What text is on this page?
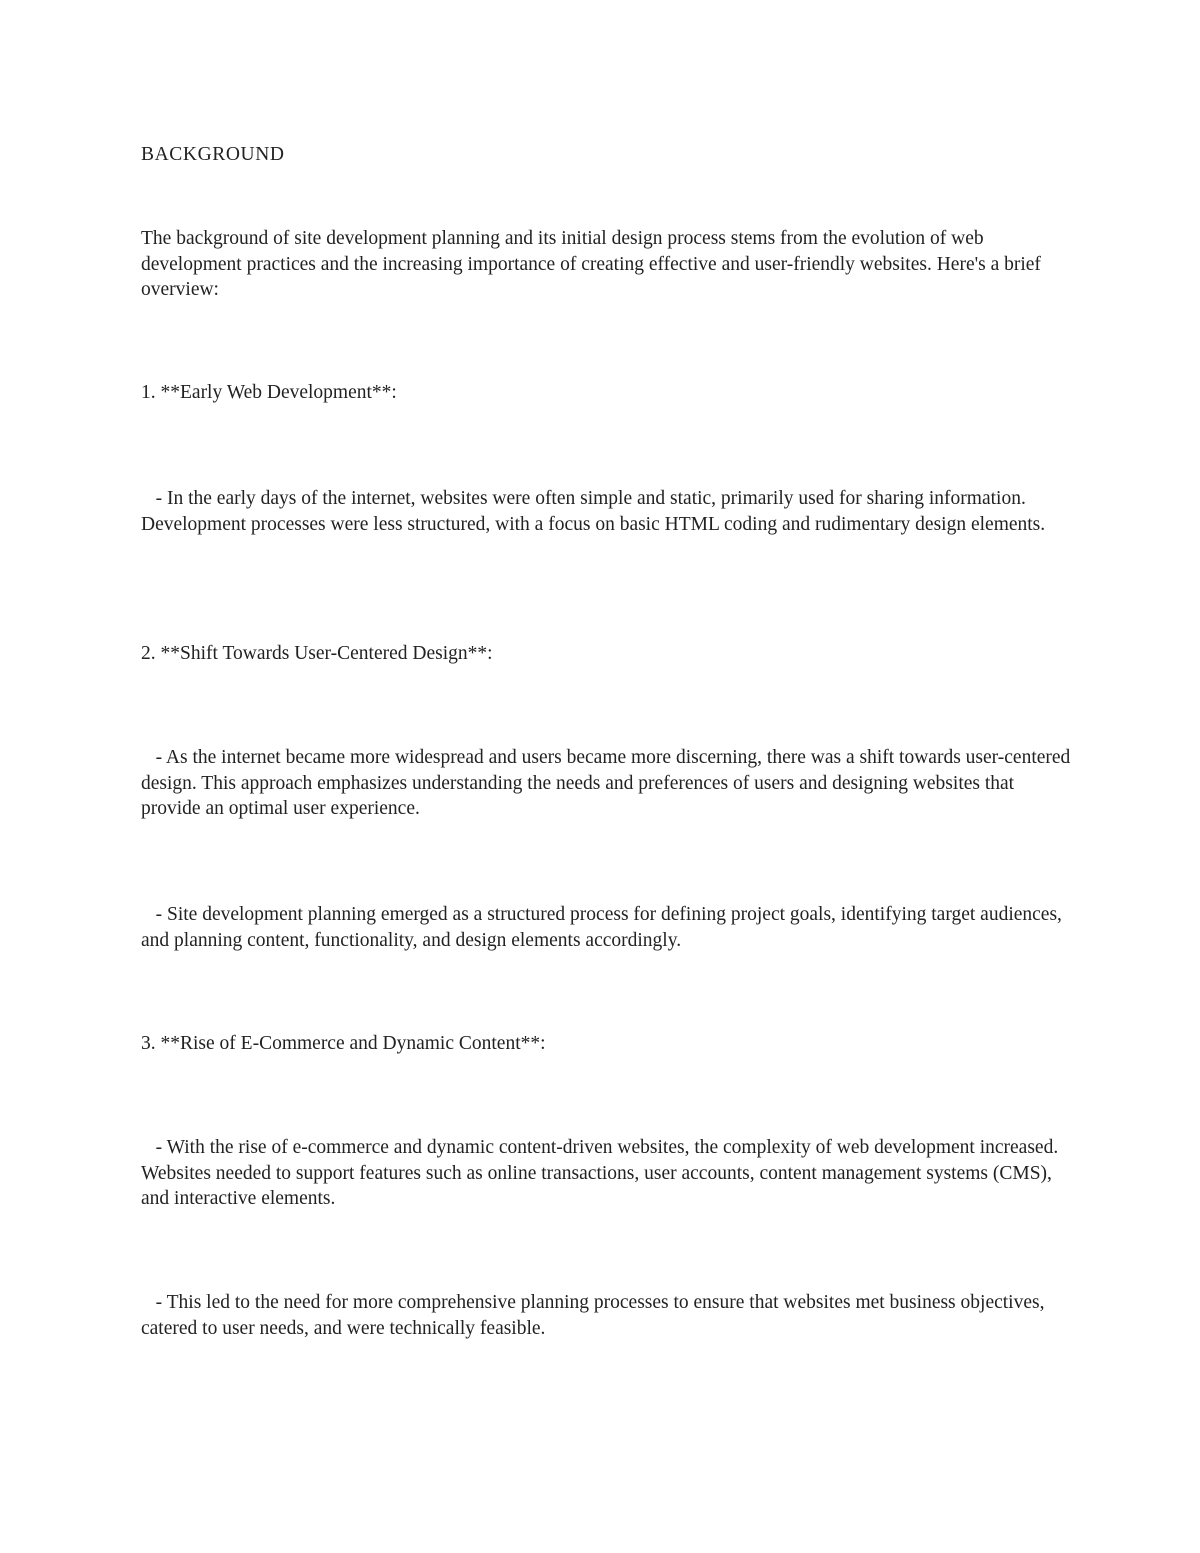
BACKGROUND

The background of site development planning and its initial design process stems from the evolution of web development practices and the increasing importance of creating effective and user-friendly websites. Here's a brief overview:

1. **Early Web Development**:

- In the early days of the internet, websites were often simple and static, primarily used for sharing information. Development processes were less structured, with a focus on basic HTML coding and rudimentary design elements.

2. **Shift Towards User-Centered Design**:

- As the internet became more widespread and users became more discerning, there was a shift towards user-centered design. This approach emphasizes understanding the needs and preferences of users and designing websites that provide an optimal user experience.

- Site development planning emerged as a structured process for defining project goals, identifying target audiences, and planning content, functionality, and design elements accordingly.

3. **Rise of E-Commerce and Dynamic Content**:

- With the rise of e-commerce and dynamic content-driven websites, the complexity of web development increased. Websites needed to support features such as online transactions, user accounts, content management systems (CMS), and interactive elements.

- This led to the need for more comprehensive planning processes to ensure that websites met business objectives, catered to user needs, and were technically feasible.
